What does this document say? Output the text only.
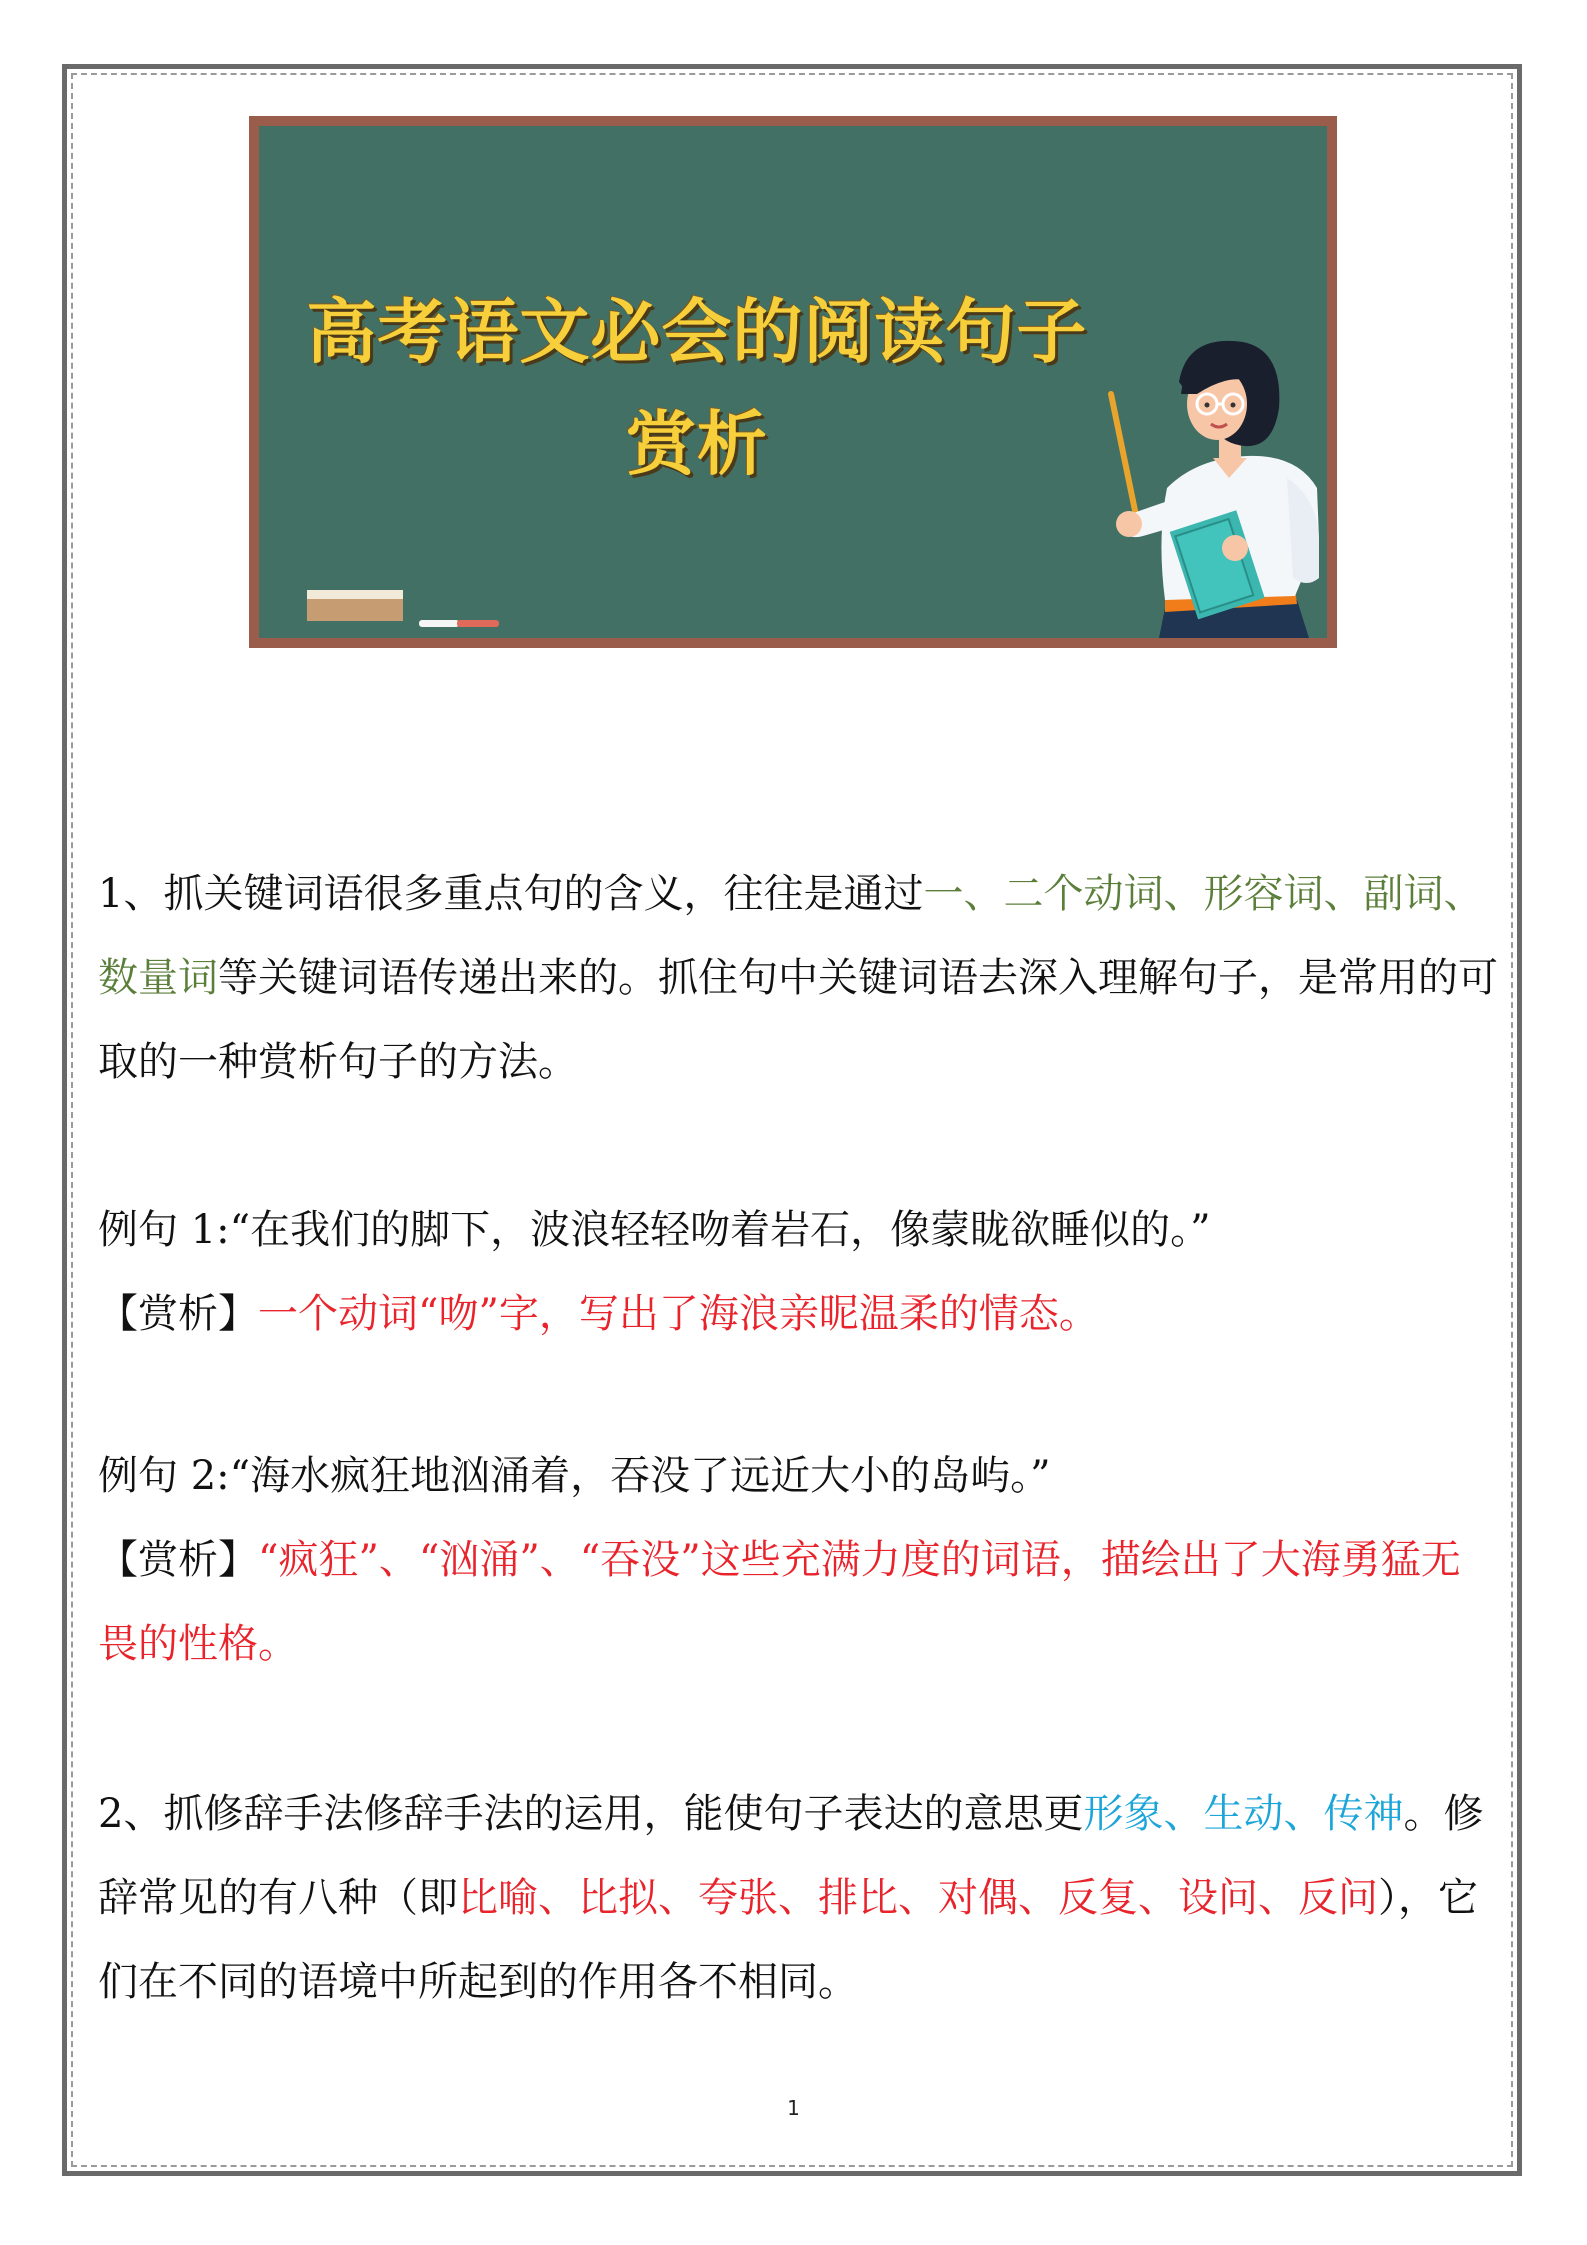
高考语文必会的阅读句子
赏析

1、抓关键词语很多重点句的含义，往往是通过一、二个动词、形容词、副词、数量词等关键词语传递出来的。抓住句中关键词语去深入理解句子，是常用的可取的一种赏析句子的方法。

例句 1:“在我们的脚下，波浪轻轻吻着岩石，像蒙眬欲睡似的。”

【赏析】一个动词“吻”字，写出了海浪亲昵温柔的情态。

例句 2:“海水疯狂地汹涌着，吞没了远近大小的岛屿。”

【赏析】“疯狂”、“汹涌”、“吞没”这些充满力度的词语，描绘出了大海勇猛无畏的性格。

2、抓修辞手法修辞手法的运用，能使句子表达的意思更形象、生动、传神。修辞常见的有八种（即比喻、比拟、夸张、排比、对偶、反复、设问、反问），它们在不同的语境中所起到的作用各不相同。

1
